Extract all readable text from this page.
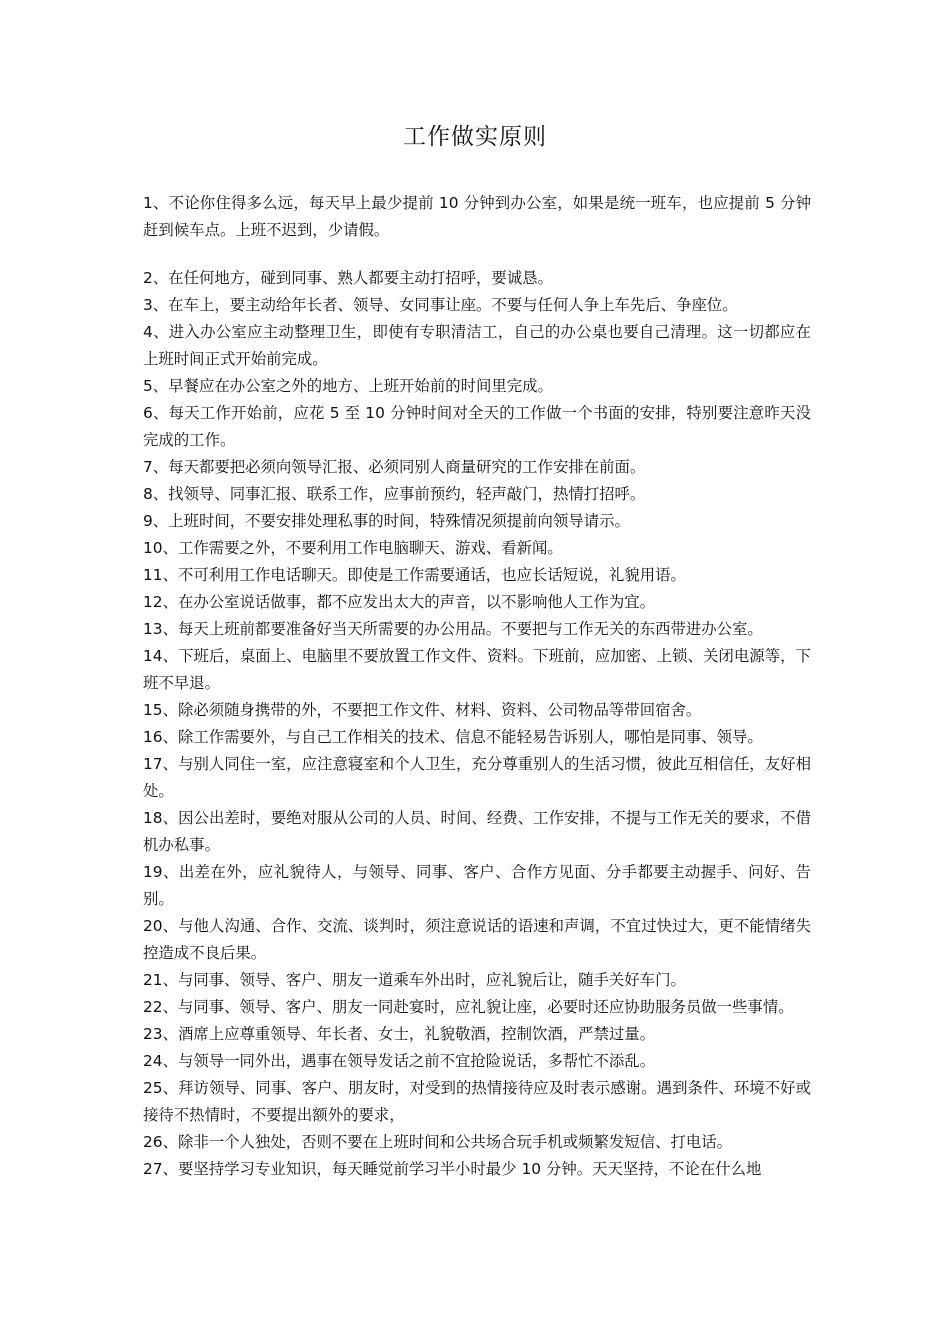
工作做实原则

1、不论你住得多么远，每天早上最少提前 10 分钟到办公室，如果是统一班车，也应提前 5 分钟赶到候车点。上班不迟到，少请假。

2、在任何地方，碰到同事、熟人都要主动打招呼，要诚恳。

3、在车上，要主动给年长者、领导、女同事让座。不要与任何人争上车先后、争座位。

4、进入办公室应主动整理卫生，即使有专职清洁工，自己的办公桌也要自己清理。这一切都应在上班时间正式开始前完成。

5、早餐应在办公室之外的地方、上班开始前的时间里完成。

6、每天工作开始前，应花 5 至 10 分钟时间对全天的工作做一个书面的安排，特别要注意昨天没完成的工作。

7、每天都要把必须向领导汇报、必须同别人商量研究的工作安排在前面。

8、找领导、同事汇报、联系工作，应事前预约，轻声敲门，热情打招呼。

9、上班时间，不要安排处理私事的时间，特殊情况须提前向领导请示。

10、工作需要之外，不要利用工作电脑聊天、游戏、看新闻。

11、不可利用工作电话聊天。即使是工作需要通话，也应长话短说，礼貌用语。

12、在办公室说话做事，都不应发出太大的声音，以不影响他人工作为宜。

13、每天上班前都要准备好当天所需要的办公用品。不要把与工作无关的东西带进办公室。

14、下班后，桌面上、电脑里不要放置工作文件、资料。下班前，应加密、上锁、关闭电源等，下班不早退。

15、除必须随身携带的外，不要把工作文件、材料、资料、公司物品等带回宿舍。

16、除工作需要外，与自己工作相关的技术、信息不能轻易告诉别人，哪怕是同事、领导。

17、与别人同住一室，应注意寝室和个人卫生，充分尊重别人的生活习惯，彼此互相信任，友好相处。

18、因公出差时，要绝对服从公司的人员、时间、经费、工作安排，不提与工作无关的要求，不借机办私事。

19、出差在外，应礼貌待人，与领导、同事、客户、合作方见面、分手都要主动握手、问好、告别。

20、与他人沟通、合作、交流、谈判时，须注意说话的语速和声调，不宜过快过大，更不能情绪失控造成不良后果。

21、与同事、领导、客户、朋友一道乘车外出时，应礼貌后让，随手关好车门。

22、与同事、领导、客户、朋友一同赴宴时，应礼貌让座，必要时还应协助服务员做一些事情。

23、酒席上应尊重领导、年长者、女士，礼貌敬酒，控制饮酒，严禁过量。

24、与领导一同外出，遇事在领导发话之前不宜抢险说话，多帮忙不添乱。

25、拜访领导、同事、客户、朋友时，对受到的热情接待应及时表示感谢。遇到条件、环境不好或接待不热情时，不要提出额外的要求，

26、除非一个人独处，否则不要在上班时间和公共场合玩手机或频繁发短信、打电话。

27、要坚持学习专业知识，每天睡觉前学习半小时最少 10 分钟。天天坚持，不论在什么地
